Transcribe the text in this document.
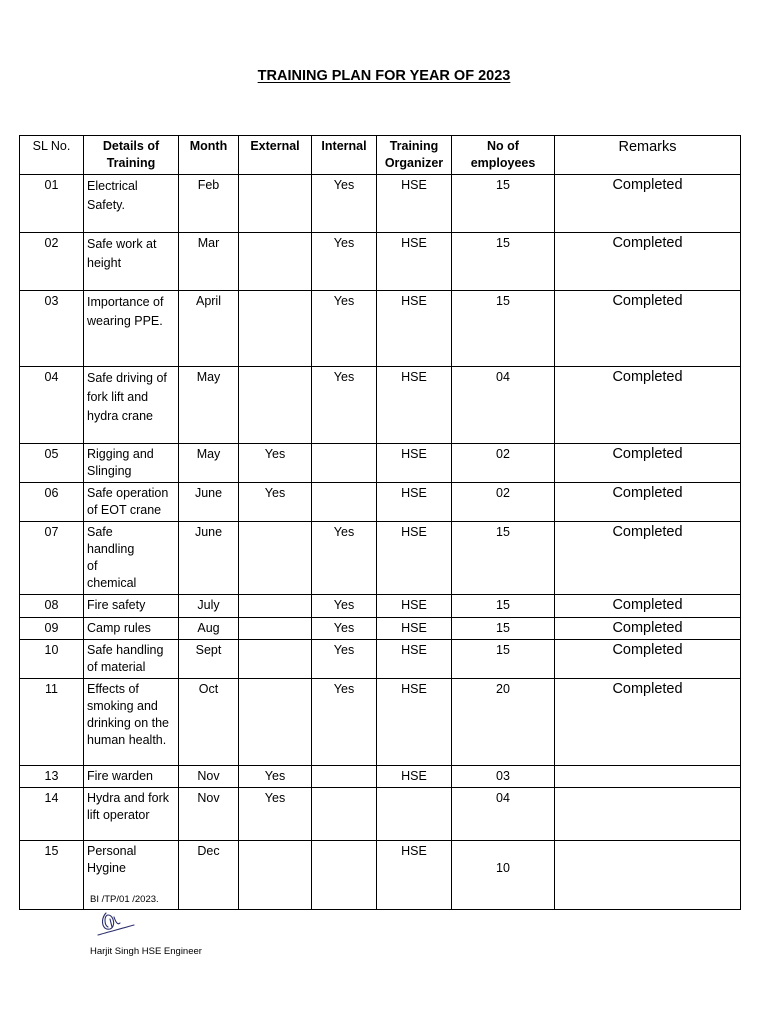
TRAINING PLAN FOR YEAR OF 2023
SL No.	Details of Training	Month	External	Internal	Training Organizer	No of employees	Remarks
01	Electrical Safety.	Feb		Yes	HSE	15	Completed
02	Safe work at height	Mar		Yes	HSE	15	Completed
03	Importance of wearing PPE.	April		Yes	HSE	15	Completed
04	Safe driving of fork lift and hydra crane	May		Yes	HSE	04	Completed
05	Rigging and Slinging	May	Yes		HSE	02	Completed
06	Safe operation of EOT crane	June	Yes		HSE	02	Completed
07	Safe handling of chemical	June		Yes	HSE	15	Completed
08	Fire safety	July		Yes	HSE	15	Completed
09	Camp rules	Aug		Yes	HSE	15	Completed
10	Safe handling of material	Sept		Yes	HSE	15	Completed
11	Effects of smoking and drinking on the human health.	Oct		Yes	HSE	20	Completed
13	Fire warden	Nov	Yes		HSE	03	
14	Hydra and fork lift operator	Nov	Yes			04	
15	Personal Hygine	Dec			HSE	10	
BI /TP/01 /2023.
Harjit Singh HSE Engineer
